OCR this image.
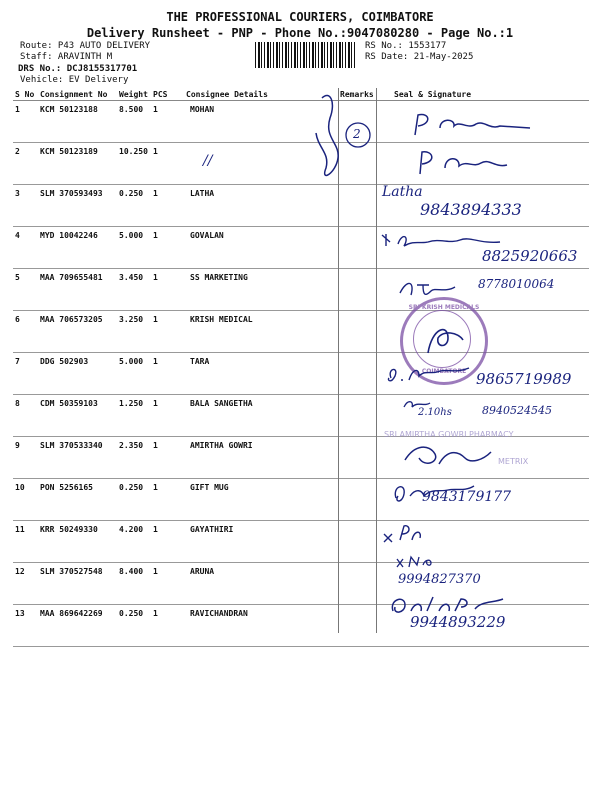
THE PROFESSIONAL COURIERS, COIMBATORE
Delivery Runsheet - PNP - Phone No.:9047080280 - Page No.:1
Route: P43 AUTO DELIVERY
Staff: ARAVINTH M
DRS No.: DCJ8155317701
Vehicle: EV Delivery
RS No.: 1553177
RS Date: 21-May-2025
S No	Consignment No	Weight	PCS	Consignee Details	Remarks	Seal & Signature
1	KCM 50123188	8.500	1	MOHAN		
2	KCM 50123189	10.250	1			
3	SLM 370593493	0.250	1	LATHA		
4	MYD 10042246	5.000	1	GOVALAN		
5	MAA 709655481	3.450	1	SS MARKETING		
6	MAA 706573205	3.250	1	KRISH MEDICAL		
7	DDG 502903	5.000	1	TARA		
8	CDM 50359103	1.250	1	BALA SANGETHA		
9	SLM 370533340	2.350	1	AMIRTHA GOWRI		
10	PON 5256165	0.250	1	GIFT MUG		
11	KRR 50249330	4.200	1	GAYATHIRI		
12	SLM 370527548	8.400	1	ARUNA		
13	MAA 869642269	0.250	1	RAVICHANDRAN		
2
//
Latha
9843894333
8825920663
8778010064
SRI KRISH MEDICALS
COIMBATORE 9865719989
2.10hs	8940524545
SRI AMIRTHA GOWRI PHARMACY
METRIX
9843179177
9994827370
9944893229
